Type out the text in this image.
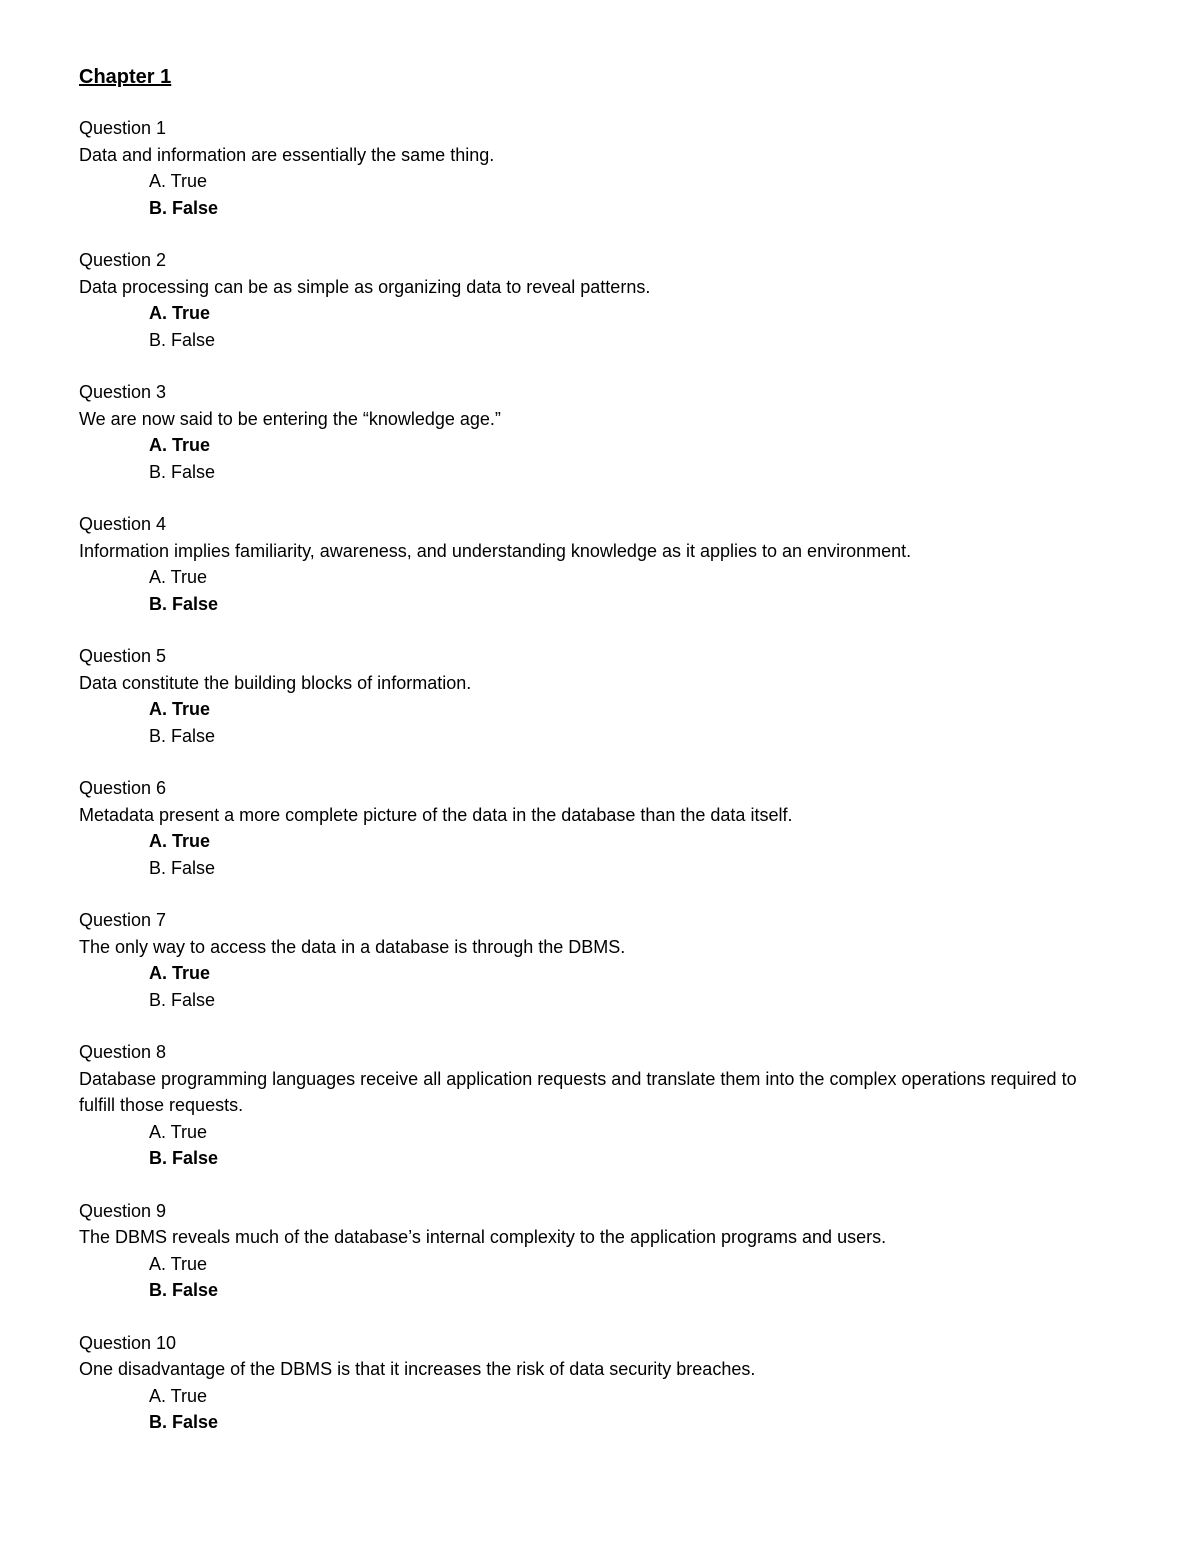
Chapter 1
Question 1
Data and information are essentially the same thing.
A. True
B. False
Question 2
Data processing can be as simple as organizing data to reveal patterns.
A. True
B. False
Question 3
We are now said to be entering the “knowledge age.”
A. True
B. False
Question 4
Information implies familiarity, awareness, and understanding knowledge as it applies to an environment.
A. True
B. False
Question 5
Data constitute the building blocks of information.
A. True
B. False
Question 6
Metadata present a more complete picture of the data in the database than the data itself.
A. True
B. False
Question 7
The only way to access the data in a database is through the DBMS.
A. True
B. False
Question 8
Database programming languages receive all application requests and translate them into the complex operations required to fulfill those requests.
A. True
B. False
Question 9
The DBMS reveals much of the database’s internal complexity to the application programs and users.
A. True
B. False
Question 10
One disadvantage of the DBMS is that it increases the risk of data security breaches.
A. True
B. False
